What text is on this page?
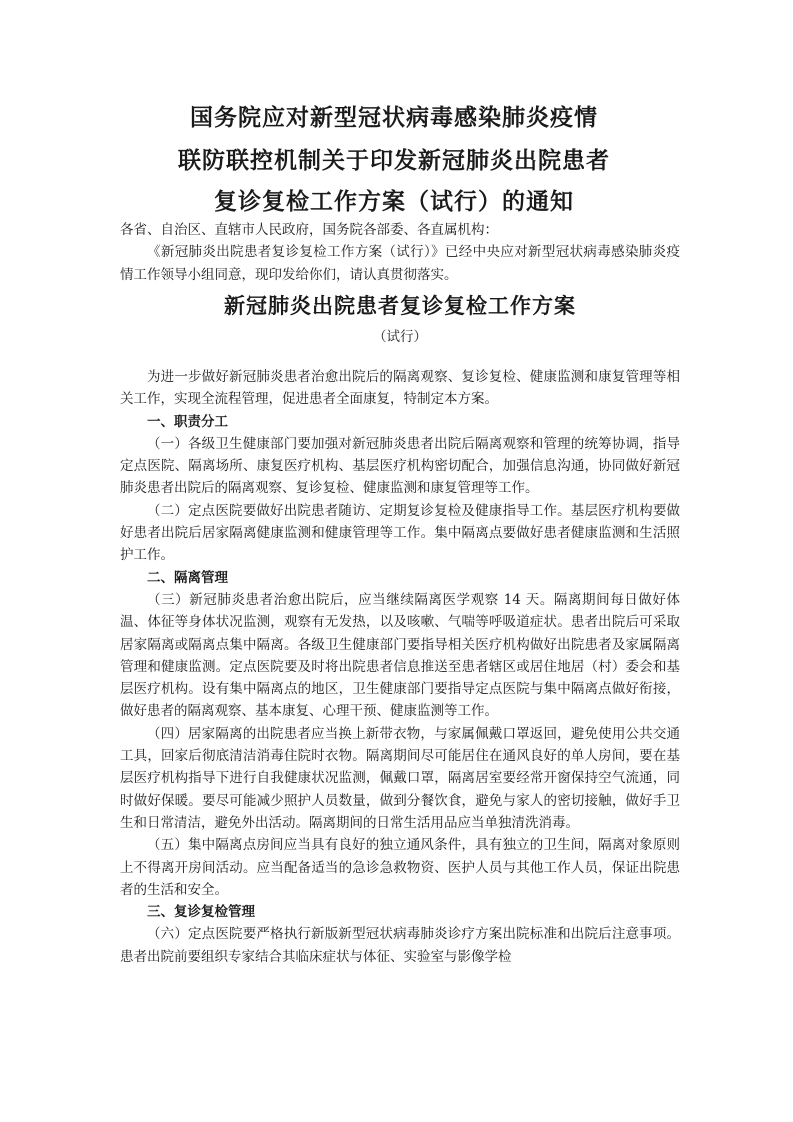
国务院应对新型冠状病毒感染肺炎疫情
联防联控机制关于印发新冠肺炎出院患者
复诊复检工作方案（试行）的通知

各省、自治区、直辖市人民政府，国务院各部委、各直属机构：

《新冠肺炎出院患者复诊复检工作方案（试行）》已经中央应对新型冠状病毒感染肺炎疫情工作领导小组同意，现印发给你们，请认真贯彻落实。

新冠肺炎出院患者复诊复检工作方案

（试行）

为进一步做好新冠肺炎患者治愈出院后的隔离观察、复诊复检、健康监测和康复管理等相关工作，实现全流程管理，促进患者全面康复，特制定本方案。

一、职责分工

（一）各级卫生健康部门要加强对新冠肺炎患者出院后隔离观察和管理的统筹协调，指导定点医院、隔离场所、康复医疗机构、基层医疗机构密切配合，加强信息沟通，协同做好新冠肺炎患者出院后的隔离观察、复诊复检、健康监测和康复管理等工作。

（二）定点医院要做好出院患者随访、定期复诊复检及健康指导工作。基层医疗机构要做好患者出院后居家隔离健康监测和健康管理等工作。集中隔离点要做好患者健康监测和生活照护工作。

二、隔离管理

（三）新冠肺炎患者治愈出院后，应当继续隔离医学观察 14 天。隔离期间每日做好体温、体征等身体状况监测，观察有无发热，以及咳嗽、气喘等呼吸道症状。患者出院后可采取居家隔离或隔离点集中隔离。各级卫生健康部门要指导相关医疗机构做好出院患者及家属隔离管理和健康监测。定点医院要及时将出院患者信息推送至患者辖区或居住地居（村）委会和基层医疗机构。设有集中隔离点的地区，卫生健康部门要指导定点医院与集中隔离点做好衔接，做好患者的隔离观察、基本康复、心理干预、健康监测等工作。

（四）居家隔离的出院患者应当换上新带衣物，与家属佩戴口罩返回，避免使用公共交通工具，回家后彻底清洁消毒住院时衣物。隔离期间尽可能居住在通风良好的单人房间，要在基层医疗机构指导下进行自我健康状况监测，佩戴口罩，隔离居室要经常开窗保持空气流通，同时做好保暖。要尽可能减少照护人员数量，做到分餐饮食，避免与家人的密切接触，做好手卫生和日常清洁，避免外出活动。隔离期间的日常生活用品应当单独清洗消毒。

（五）集中隔离点房间应当具有良好的独立通风条件，具有独立的卫生间，隔离对象原则上不得离开房间活动。应当配备适当的急诊急救物资、医护人员与其他工作人员，保证出院患者的生活和安全。

三、复诊复检管理

（六）定点医院要严格执行新版新型冠状病毒肺炎诊疗方案出院标准和出院后注意事项。患者出院前要组织专家结合其临床症状与体征、实验室与影像学检
